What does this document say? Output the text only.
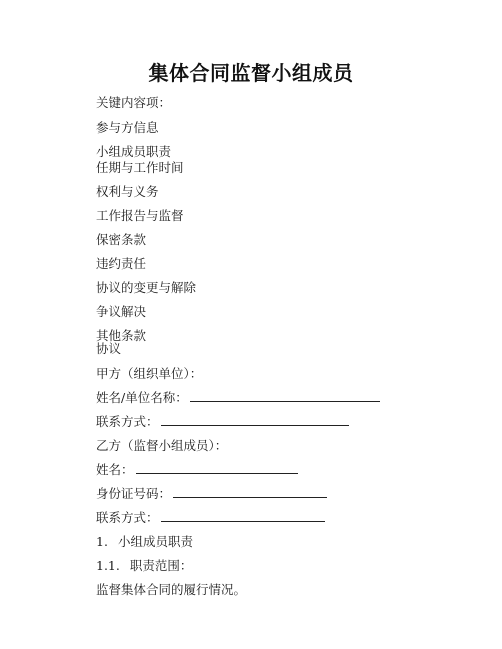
集体合同监督小组成员
关键内容项：
参与方信息
小组成员职责
任期与工作时间
权利与义务
工作报告与监督
保密条款
违约责任
协议的变更与解除
争议解决
其他条款
协议
甲方（组织单位）：
姓名/单位名称：
联系方式：
乙方（监督小组成员）：
姓名：
身份证号码：
联系方式：
1. 小组成员职责
1.1. 职责范围：
监督集体合同的履行情况。
